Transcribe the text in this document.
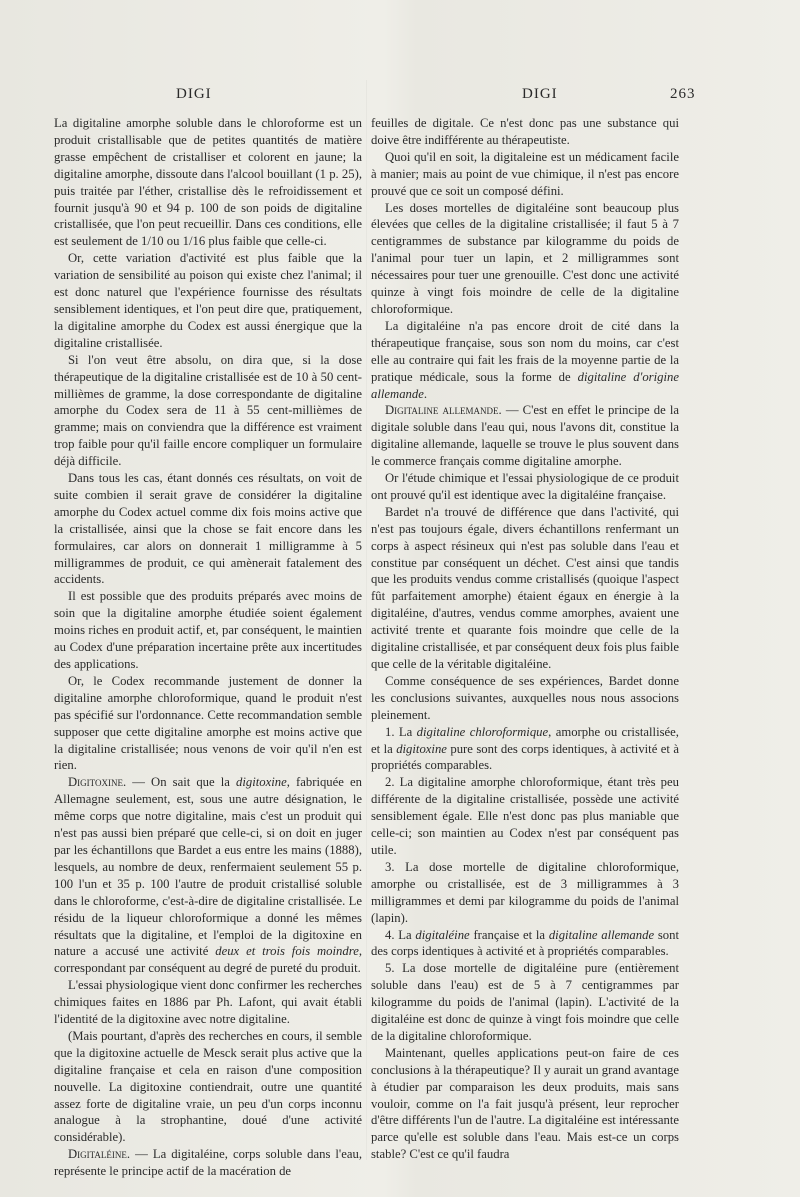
DIGI	DIGI	263

La digitaline amorphe soluble dans le chloroforme est un produit cristallisable que de petites quantités de matière grasse empêchent de cristalliser et colorent en jaune; la digitaline amorphe, dissoute dans l'alcool bouillant (1 p. 25), puis traitée par l'éther, cristallise dès le refroidissement et fournit jusqu'à 90 et 94 p. 100 de son poids de digitaline cristallisée, que l'on peut recueillir. Dans ces conditions, elle est seulement de 1/10 ou 1/16 plus faible que celle-ci.

Or, cette variation d'activité est plus faible que la variation de sensibilité au poison qui existe chez l'animal; il est donc naturel que l'expérience fournisse des résultats sensiblement identiques, et l'on peut dire que, pratiquement, la digitaline amorphe du Codex est aussi énergique que la digitaline cristallisée.

Si l'on veut être absolu, on dira que, si la dose thérapeutique de la digitaline cristallisée est de 10 à 50 cent-millièmes de gramme, la dose correspondante de digitaline amorphe du Codex sera de 11 à 55 cent-millièmes de gramme; mais on conviendra que la différence est vraiment trop faible pour qu'il faille encore compliquer un formulaire déjà difficile.

Dans tous les cas, étant donnés ces résultats, on voit de suite combien il serait grave de considérer la digitaline amorphe du Codex actuel comme dix fois moins active que la cristallisée, ainsi que la chose se fait encore dans les formulaires, car alors on donnerait 1 milligramme à 5 milligrammes de produit, ce qui amènerait fatalement des accidents.

Il est possible que des produits préparés avec moins de soin que la digitaline amorphe étudiée soient également moins riches en produit actif, et, par conséquent, le maintien au Codex d'une préparation incertaine prête aux incertitudes des applications.

Or, le Codex recommande justement de donner la digitaline amorphe chloroformique, quand le produit n'est pas spécifié sur l'ordonnance. Cette recommandation semble supposer que cette digitaline amorphe est moins active que la digitaline cristallisée; nous venons de voir qu'il n'en est rien.

Digitoxine. — On sait que la digitoxine, fabriquée en Allemagne seulement, est, sous une autre désignation, le même corps que notre digitaline, mais c'est un produit qui n'est pas aussi bien préparé que celle-ci, si on doit en juger par les échantillons que Bardet a eus entre les mains (1888), lesquels, au nombre de deux, renfermaient seulement 55 p. 100 l'un et 35 p. 100 l'autre de produit cristallisé soluble dans le chloroforme, c'est-à-dire de digitaline cristallisée. Le résidu de la liqueur chloroformique a donné les mêmes résultats que la digitaline, et l'emploi de la digitoxine en nature a accusé une activité deux et trois fois moindre, correspondant par conséquent au degré de pureté du produit.

L'essai physiologique vient donc confirmer les recherches chimiques faites en 1886 par Ph. Lafont, qui avait établi l'identité de la digitoxine avec notre digitaline.

(Mais pourtant, d'après des recherches en cours, il semble que la digitoxine actuelle de Mesck serait plus active que la digitaline française et cela en raison d'une composition nouvelle. La digitoxine contiendrait, outre une quantité assez forte de digitaline vraie, un peu d'un corps inconnu analogue à la strophantine, doué d'une activité considérable).

Digitaléine. — La digitaléine, corps soluble dans l'eau, représente le principe actif de la macération de

feuilles de digitale. Ce n'est donc pas une substance qui doive être indifférente au thérapeutiste.

Quoi qu'il en soit, la digitaleine est un médicament facile à manier; mais au point de vue chimique, il n'est pas encore prouvé que ce soit un composé défini.

Les doses mortelles de digitaléine sont beaucoup plus élevées que celles de la digitaline cristallisée; il faut 5 à 7 centigrammes de substance par kilogramme du poids de l'animal pour tuer un lapin, et 2 milligrammes sont nécessaires pour tuer une grenouille. C'est donc une activité quinze à vingt fois moindre de celle de la digitaline chloroformique.

La digitaléine n'a pas encore droit de cité dans la thérapeutique française, sous son nom du moins, car c'est elle au contraire qui fait les frais de la moyenne partie de la pratique médicale, sous la forme de digitaline d'origine allemande.

Digitaline allemande. — C'est en effet le principe de la digitale soluble dans l'eau qui, nous l'avons dit, constitue la digitaline allemande, laquelle se trouve le plus souvent dans le commerce français comme digitaline amorphe.

Or l'étude chimique et l'essai physiologique de ce produit ont prouvé qu'il est identique avec la digitaléine française.

Bardet n'a trouvé de différence que dans l'activité, qui n'est pas toujours égale, divers échantillons renfermant un corps à aspect résineux qui n'est pas soluble dans l'eau et constitue par conséquent un déchet. C'est ainsi que tandis que les produits vendus comme cristallisés (quoique l'aspect fût parfaitement amorphe) étaient égaux en énergie à la digitaléine, d'autres, vendus comme amorphes, avaient une activité trente et quarante fois moindre que celle de la digitaline cristallisée, et par conséquent deux fois plus faible que celle de la véritable digitaléine.

Comme conséquence de ses expériences, Bardet donne les conclusions suivantes, auxquelles nous nous associons pleinement.

1. La digitaline chloroformique, amorphe ou cristallisée, et la digitoxine pure sont des corps identiques, à activité et à propriétés comparables.

2. La digitaline amorphe chloroformique, étant très peu différente de la digitaline cristallisée, possède une activité sensiblement égale. Elle n'est donc pas plus maniable que celle-ci; son maintien au Codex n'est par conséquent pas utile.

3. La dose mortelle de digitaline chloroformique, amorphe ou cristallisée, est de 3 milligrammes à 3 milligrammes et demi par kilogramme du poids de l'animal (lapin).

4. La digitaléine française et la digitaline allemande sont des corps identiques à activité et à propriétés comparables.

5. La dose mortelle de digitaléine pure (entièrement soluble dans l'eau) est de 5 à 7 centigrammes par kilogramme du poids de l'animal (lapin). L'activité de la digitaléine est donc de quinze à vingt fois moindre que celle de la digitaline chloroformique.

Maintenant, quelles applications peut-on faire de ces conclusions à la thérapeutique? Il y aurait un grand avantage à étudier par comparaison les deux produits, mais sans vouloir, comme on l'a fait jusqu'à présent, leur reprocher d'être différents l'un de l'autre. La digitaléine est intéressante parce qu'elle est soluble dans l'eau. Mais est-ce un corps stable? C'est ce qu'il faudra
